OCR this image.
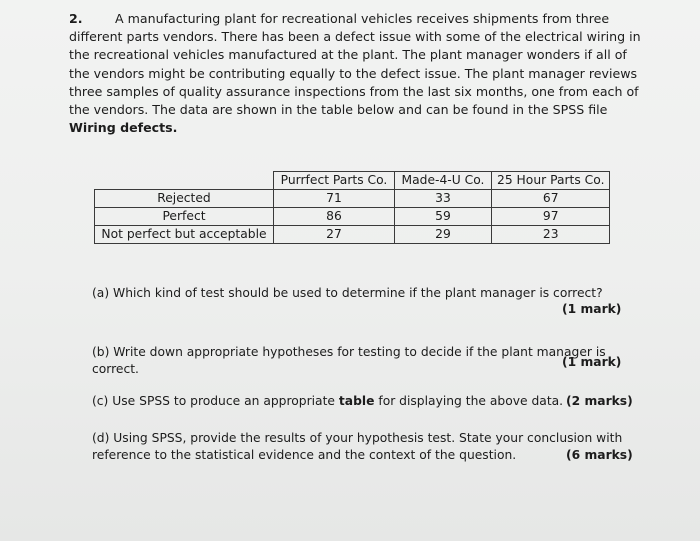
2.	A manufacturing plant for recreational vehicles receives shipments from three different parts vendors. There has been a defect issue with some of the electrical wiring in the recreational vehicles manufactured at the plant. The plant manager wonders if all of the vendors might be contributing equally to the defect issue. The plant manager reviews three samples of quality assurance inspections from the last six months, one from each of the vendors. The data are shown in the table below and can be found in the SPSS file Wiring defects.
	Purrfect Parts Co.	Made-4-U Co.	25 Hour Parts Co.
Rejected	71	33	67
Perfect	86	59	97
Not perfect but acceptable	27	29	23
(a) Which kind of test should be used to determine if the plant manager is correct?
(1 mark)
(b) Write down appropriate hypotheses for testing to decide if the plant manager is
correct.	(1 mark)
(c) Use SPSS to produce an appropriate table for displaying the above data. (2 marks)
(d) Using SPSS, provide the results of your hypothesis test. State your conclusion with
reference to the statistical evidence and the context of the question.	(6 marks)
